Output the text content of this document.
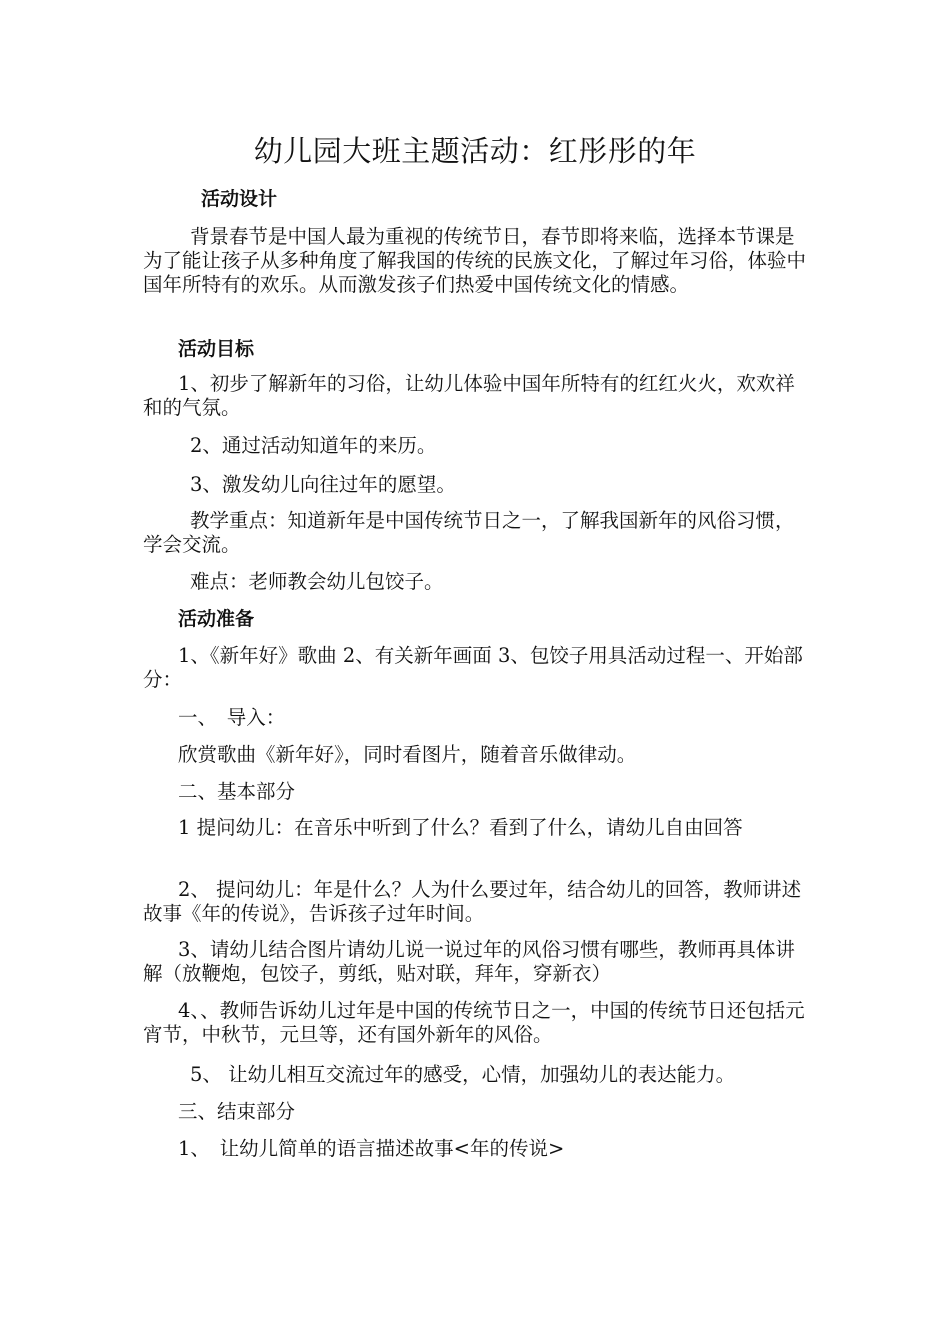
幼儿园大班主题活动：红彤彤的年
活动设计

背景春节是中国人最为重视的传统节日，春节即将来临，选择本节课是为了能让孩子从多种角度了解我国的传统的民族文化，了解过年习俗，体验中国年所特有的欢乐。从而激发孩子们热爱中国传统文化的情感。

活动目标

1、初步了解新年的习俗，让幼儿体验中国年所特有的红红火火，欢欢祥和的气氛。

2、通过活动知道年的来历。

3、激发幼儿向往过年的愿望。

教学重点：知道新年是中国传统节日之一，了解我国新年的风俗习惯，学会交流。

难点：老师教会幼儿包饺子。

活动准备

1、《新年好》歌曲 2、有关新年画面 3、包饺子用具活动过程一、开始部分：

一、　导入：

欣赏歌曲《新年好》，同时看图片，随着音乐做律动。

二、基本部分

1 提问幼儿：在音乐中听到了什么？看到了什么，请幼儿自由回答

2、 提问幼儿：年是什么？人为什么要过年，结合幼儿的回答，教师讲述故事《年的传说》，告诉孩子过年时间。

3、请幼儿结合图片请幼儿说一说过年的风俗习惯有哪些，教师再具体讲解（放鞭炮，包饺子，剪纸，贴对联，拜年，穿新衣）

4、、教师告诉幼儿过年是中国的传统节日之一，中国的传统节日还包括元宵节，中秋节，元旦等，还有国外新年的风俗。

5、 让幼儿相互交流过年的感受，心情，加强幼儿的表达能力。

三、结束部分

1、　让幼儿简单的语言描述故事<年的传说>
